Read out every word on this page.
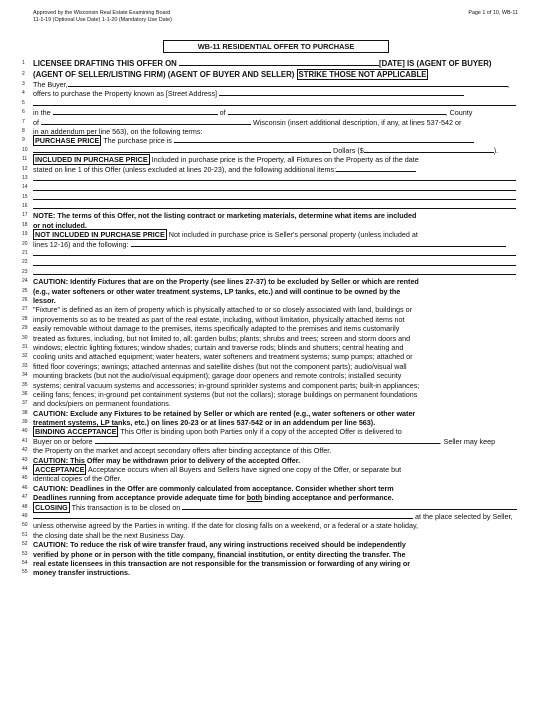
Approved by the Wisconsin Real Estate Examining Board
11-1-19 (Optional Use Date) 1-1-20 (Mandatory Use Date)
Page 1 of 10, WB-11
WB-11 RESIDENTIAL OFFER TO PURCHASE
1	LICENSEE DRAFTING THIS OFFER ON	[DATE] IS (AGENT OF BUYER)
2	(AGENT OF SELLER/LISTING FIRM) (AGENT OF BUYER AND SELLER) STRIKE THOSE NOT APPLICABLE
3	The Buyer,	,
4	offers to purchase the Property known as [Street Address]
5
6	in the	of	, County
7	of	Wisconsin (insert additional description, if any, at lines 537-542 or
8	in an addendum per line 563), on the following terms:
9	PURCHASE PRICE The purchase price is
10	Dollars ($	).
11	INCLUDED IN PURCHASE PRICE Included in purchase price is the Property, all Fixtures on the Property as of the date
12 stated on line 1 of this Offer (unless excluded at lines 20-23), and the following additional items:
13
14
15
16
17 NOTE: The terms of this Offer, not the listing contract or marketing materials, determine what items are included
18 or not included.
19	NOT INCLUDED IN PURCHASE PRICE Not included in purchase price is Seller's personal property (unless included at
20 lines 12-16) and the following:
21
22
23
24 CAUTION: Identify Fixtures that are on the Property (see lines 27-37) to be excluded by Seller or which are rented
25 (e.g., water softeners or other water treatment systems, LP tanks, etc.) and will continue to be owned by the
26 lessor.
27 "Fixture" is defined as an item of property which is physically attached to or so closely associated with land, buildings or
28 improvements so as to be treated as part of the real estate, including, without limitation, physically attached items not
29 easily removable without damage to the premises, items specifically adapted to the premises and items customarily
30 treated as fixtures, including, but not limited to, all: garden bulbs; plants; shrubs and trees; screen and storm doors and
31 windows; electric lighting fixtures; window shades; curtain and traverse rods; blinds and shutters; central heating and
32 cooling units and attached equipment; water heaters, water softeners and treatment systems; sump pumps; attached or
33 fitted floor coverings; awnings; attached antennas and satellite dishes (but not the component parts); audio/visual wall
34 mounting brackets (but not the audio/visual equipment); garage door openers and remote controls; installed security
35 systems; central vacuum systems and accessories; in-ground sprinkler systems and component parts; built-in appliances;
36 ceiling fans; fences; in-ground pet containment systems (but not the collars); storage buildings on permanent foundations
37 and docks/piers on permanent foundations.
38 CAUTION: Exclude any Fixtures to be retained by Seller or which are rented (e.g., water softeners or other water
39 treatment systems, LP tanks, etc.) on lines 20-23 or at lines 537-542 or in an addendum per line 563).
40	BINDING ACCEPTANCE This Offer is binding upon both Parties only if a copy of the accepted Offer is delivered to
41 Buyer on or before	. Seller may keep
42 the Property on the market and accept secondary offers after binding acceptance of this Offer.
43 CAUTION: This Offer may be withdrawn prior to delivery of the accepted Offer.
44	ACCEPTANCE Acceptance occurs when all Buyers and Sellers have signed one copy of the Offer, or separate but
45 identical copies of the Offer.
46 CAUTION: Deadlines in the Offer are commonly calculated from acceptance. Consider whether short term
47 Deadlines running from acceptance provide adequate time for both binding acceptance and performance.
48	CLOSING This transaction is to be closed on
49	at the place selected by Seller,
50 unless otherwise agreed by the Parties in writing. If the date for closing falls on a weekend, or a federal or a state holiday,
51 the closing date shall be the next Business Day.
52 CAUTION: To reduce the risk of wire transfer fraud, any wiring instructions received should be independently
53 verified by phone or in person with the title company, financial institution, or entity directing the transfer. The
54 real estate licensees in this transaction are not responsible for the transmission or forwarding of any wiring or
55 money transfer instructions.
